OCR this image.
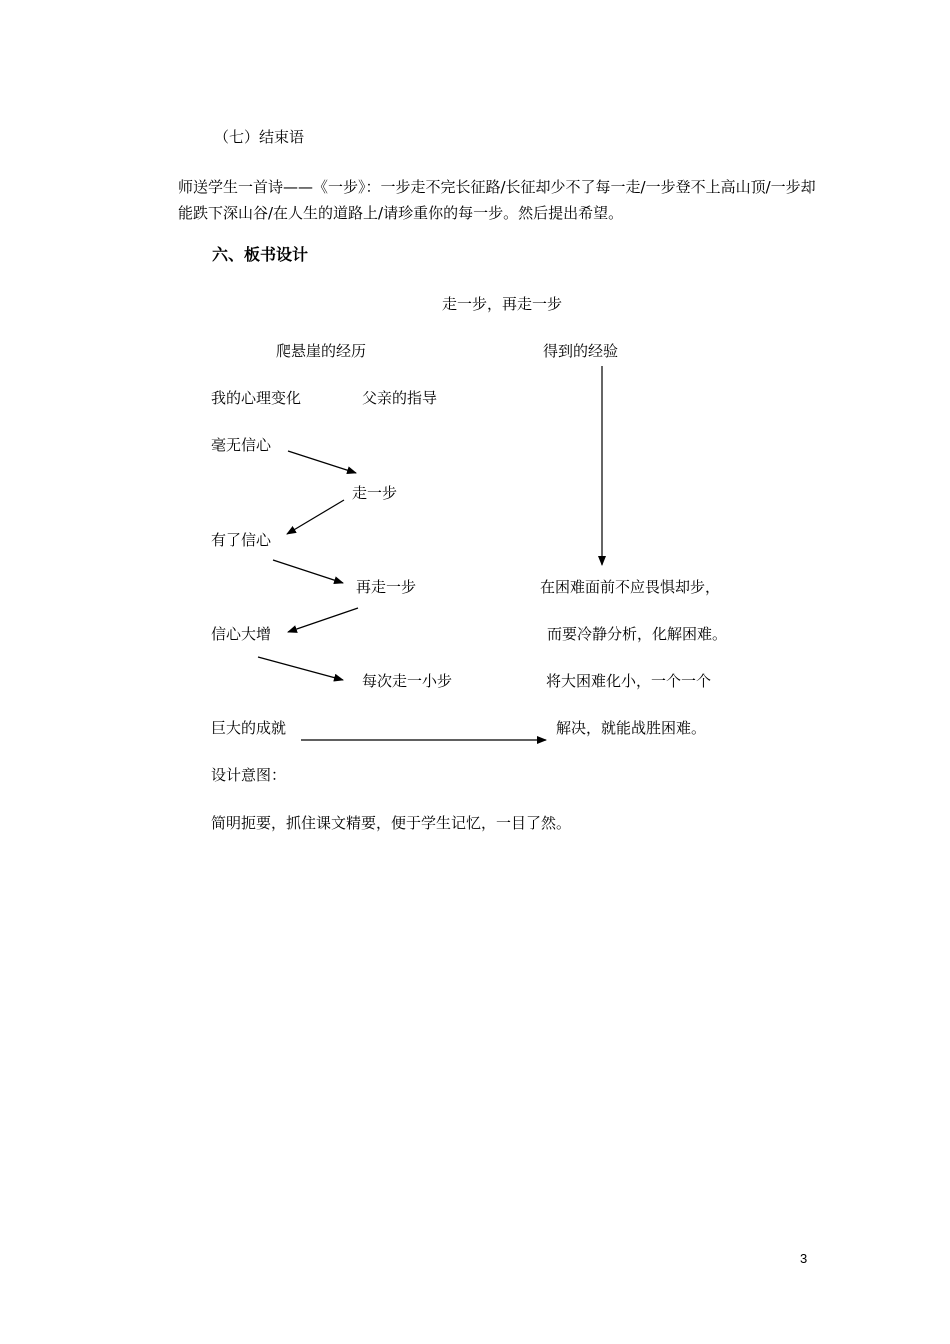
（七）结束语
师送学生一首诗——《一步》：一步走不完长征路/长征却少不了每一走/一步登不上高山顶/一步却能跌下深山谷/在人生的道路上/请珍重你的每一步。然后提出希望。
六、板书设计
走一步，再走一步
爬悬崖的经历	得到的经验
我的心理变化	父亲的指导
毫无信心
走一步
有了信心
再走一步
信心大增
每次走一小步
巨大的成就
在困难面前不应畏惧却步，
而要冷静分析，化解困难。
将大困难化小，一个一个
解决，就能战胜困难。
设计意图：
简明扼要，抓住课文精要，便于学生记忆，一目了然。
3
